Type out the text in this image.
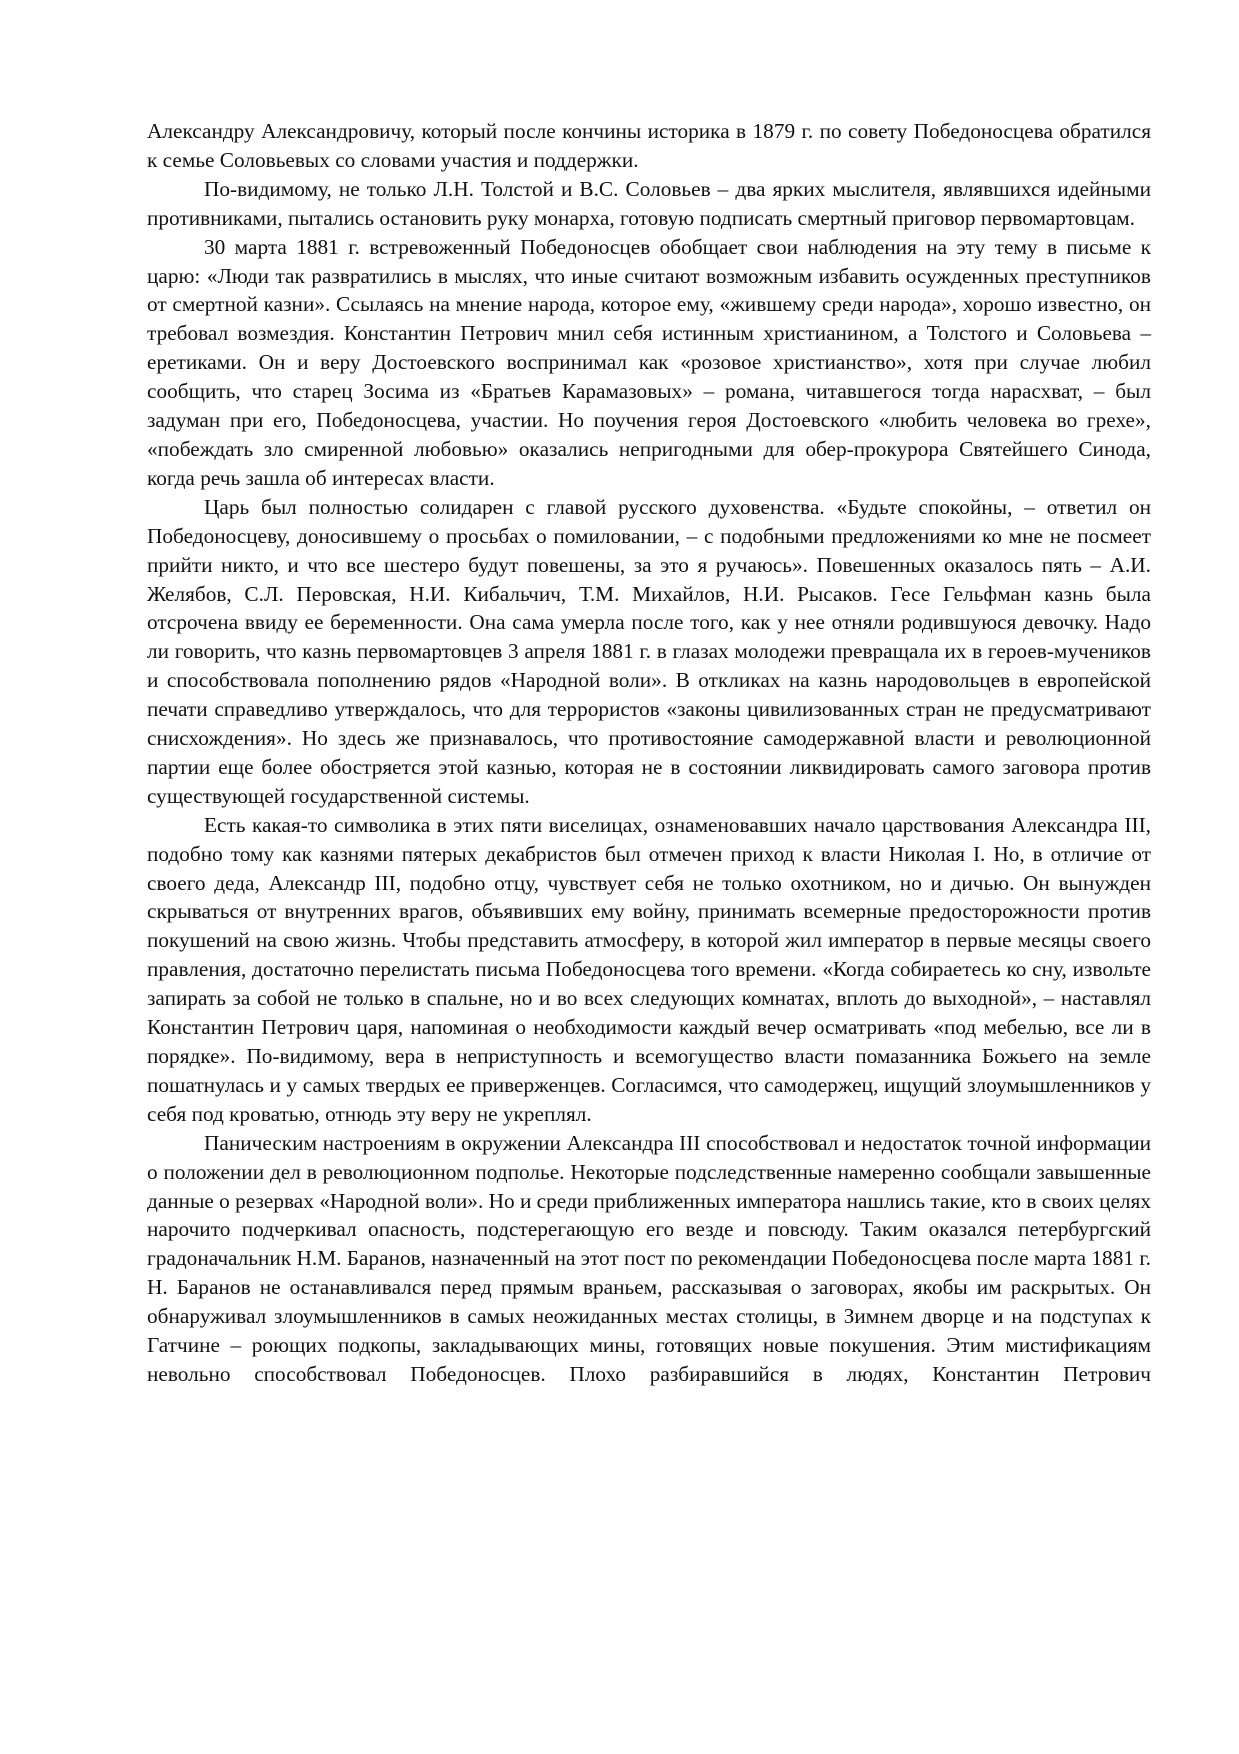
Александру Александровичу, который после кончины историка в 1879 г. по совету Победоносцева обратился к семье Соловьевых со словами участия и поддержки.

По-видимому, не только Л.Н. Толстой и В.С. Соловьев – два ярких мыслителя, являвшихся идейными противниками, пытались остановить руку монарха, готовую подписать смертный приговор первомартовцам.

30 марта 1881 г. встревоженный Победоносцев обобщает свои наблюдения на эту тему в письме к царю: «Люди так развратились в мыслях, что иные считают возможным избавить осужденных преступников от смертной казни». Ссылаясь на мнение народа, которое ему, «жившему среди народа», хорошо известно, он требовал возмездия. Константин Петрович мнил себя истинным христианином, а Толстого и Соловьева – еретиками. Он и веру Достоевского воспринимал как «розовое христианство», хотя при случае любил сообщить, что старец Зосима из «Братьев Карамазовых» – романа, читавшегося тогда нарасхват, – был задуман при его, Победоносцева, участии. Но поучения героя Достоевского «любить человека во грехе», «побеждать зло смиренной любовью» оказались непригодными для обер-прокурора Святейшего Синода, когда речь зашла об интересах власти.

Царь был полностью солидарен с главой русского духовенства. «Будьте спокойны, – ответил он Победоносцеву, доносившему о просьбах о помиловании, – с подобными предложениями ко мне не посмеет прийти никто, и что все шестеро будут повешены, за это я ручаюсь». Повешенных оказалось пять – А.И. Желябов, С.Л. Перовская, Н.И. Кибальчич, Т.М. Михайлов, Н.И. Рысаков. Гесе Гельфман казнь была отсрочена ввиду ее беременности. Она сама умерла после того, как у нее отняли родившуюся девочку. Надо ли говорить, что казнь первомартовцев 3 апреля 1881 г. в глазах молодежи превращала их в героев-мучеников и способствовала пополнению рядов «Народной воли». В откликах на казнь народовольцев в европейской печати справедливо утверждалось, что для террористов «законы цивилизованных стран не предусматривают снисхождения». Но здесь же признавалось, что противостояние самодержавной власти и революционной партии еще более обостряется этой казнью, которая не в состоянии ликвидировать самого заговора против существующей государственной системы.

Есть какая-то символика в этих пяти виселицах, ознаменовавших начало царствования Александра III, подобно тому как казнями пятерых декабристов был отмечен приход к власти Николая I. Но, в отличие от своего деда, Александр III, подобно отцу, чувствует себя не только охотником, но и дичью. Он вынужден скрываться от внутренних врагов, объявивших ему войну, принимать всемерные предосторожности против покушений на свою жизнь. Чтобы представить атмосферу, в которой жил император в первые месяцы своего правления, достаточно перелистать письма Победоносцева того времени. «Когда собираетесь ко сну, извольте запирать за собой не только в спальне, но и во всех следующих комнатах, вплоть до выходной», – наставлял Константин Петрович царя, напоминая о необходимости каждый вечер осматривать «под мебелью, все ли в порядке». По-видимому, вера в неприступность и всемогущество власти помазанника Божьего на земле пошатнулась и у самых твердых ее приверженцев. Согласимся, что самодержец, ищущий злоумышленников у себя под кроватью, отнюдь эту веру не укреплял.

Паническим настроениям в окружении Александра III способствовал и недостаток точной информации о положении дел в революционном подполье. Некоторые подследственные намеренно сообщали завышенные данные о резервах «Народной воли». Но и среди приближенных императора нашлись такие, кто в своих целях нарочито подчеркивал опасность, подстерегающую его везде и повсюду. Таким оказался петербургский градоначальник Н.М. Баранов, назначенный на этот пост по рекомендации Победоносцева после марта 1881 г. Н. Баранов не останавливался перед прямым враньем, рассказывая о заговорах, якобы им раскрытых. Он обнаруживал злоумышленников в самых неожиданных местах столицы, в Зимнем дворце и на подступах к Гатчине – роющих подкопы, закладывающих мины, готовящих новые покушения. Этим мистификациям невольно способствовал Победоносцев. Плохо разбиравшийся в людях, Константин Петрович
